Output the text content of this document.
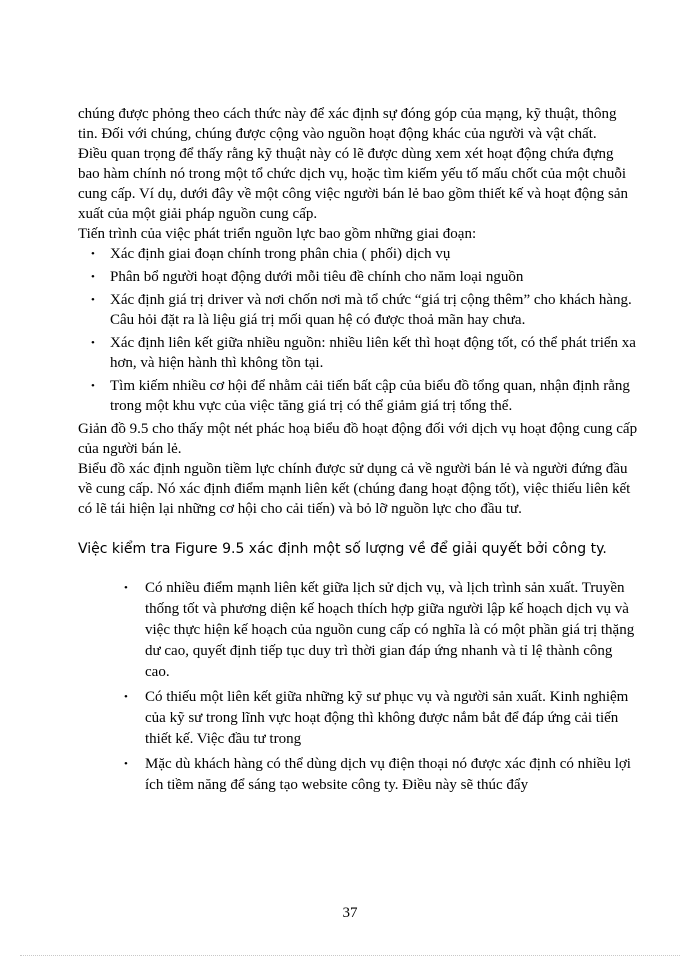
chúng được phỏng theo cách thức này để xác định sự đóng góp của mạng, kỹ thuật, thông tin. Đối với chúng, chúng được cộng vào nguồn hoạt động khác của người và vật chất.

Điều quan trọng để thấy rằng kỹ thuật này có lẽ được dùng xem xét hoạt động chứa đựng bao hàm chính nó trong một tổ chức dịch vụ, hoặc tìm kiếm yếu tố mấu chốt của một chuỗi cung cấp. Ví dụ, dưới đây về một công việc người bán lẻ bao gồm thiết kế và hoạt động sản xuất của một giải pháp nguồn cung cấp.

Tiến trình của việc phát triển nguồn lực bao gồm những giai đoạn:

• Xác định giai đoạn chính trong phân chia ( phối) dịch vụ
• Phân bổ người hoạt động dưới mỗi tiêu đề chính cho năm loại nguồn
• Xác định giá trị driver và nơi chốn nơi mà tổ chức “giá trị cộng thêm” cho khách hàng. Câu hỏi đặt ra là liệu giá trị mối quan hệ có được thoả mãn hay chưa.
• Xác định liên kết giữa nhiều nguồn: nhiều liên kết thì hoạt động tốt, có thể phát triển xa hơn, và hiện hành thì không tồn tại.
• Tìm kiếm nhiều cơ hội để nhằm cải tiến bất cập của biểu đồ tổng quan, nhận định rằng trong một khu vực của việc tăng giá trị có thể giảm giá trị tổng thể.

Giản đồ 9.5 cho thấy một nét phác hoạ biểu đồ hoạt động đối với dịch vụ hoạt động cung cấp của người bán lẻ.

Biểu đồ xác định nguồn tiềm lực chính được sử dụng cả về người bán lẻ và người đứng đầu về cung cấp. Nó xác định điểm mạnh liên kết (chúng đang hoạt động tốt), việc thiếu liên kết có lẽ tái hiện lại những cơ hội cho cải tiến) và bỏ lỡ nguồn lực cho đầu tư.

Việc kiểm tra Figure 9.5 xác định một số lượng về để giải quyết bởi công ty.

• Có nhiều điểm mạnh liên kết giữa lịch sử dịch vụ, và lịch trình sản xuất. Truyền thống tốt và phương diện kế hoạch thích hợp giữa người lập kế hoạch dịch vụ và việc thực hiện kế hoạch của nguồn cung cấp có nghĩa là có một phần giá trị thặng dư cao, quyết định tiếp tục duy trì thời gian đáp ứng nhanh và tỉ lệ thành công cao.
• Có thiếu một liên kết giữa những kỹ sư phục vụ và người sản xuất. Kinh nghiệm của kỹ sư trong lĩnh vực hoạt động thì không được nắm bắt để đáp ứng cải tiến thiết kế. Việc đầu tư trong
• Mặc dù khách hàng có thể dùng dịch vụ điện thoại nó được xác định có nhiều lợi ích tiềm năng để sáng tạo website công ty. Điều này sẽ thúc đẩy
37
